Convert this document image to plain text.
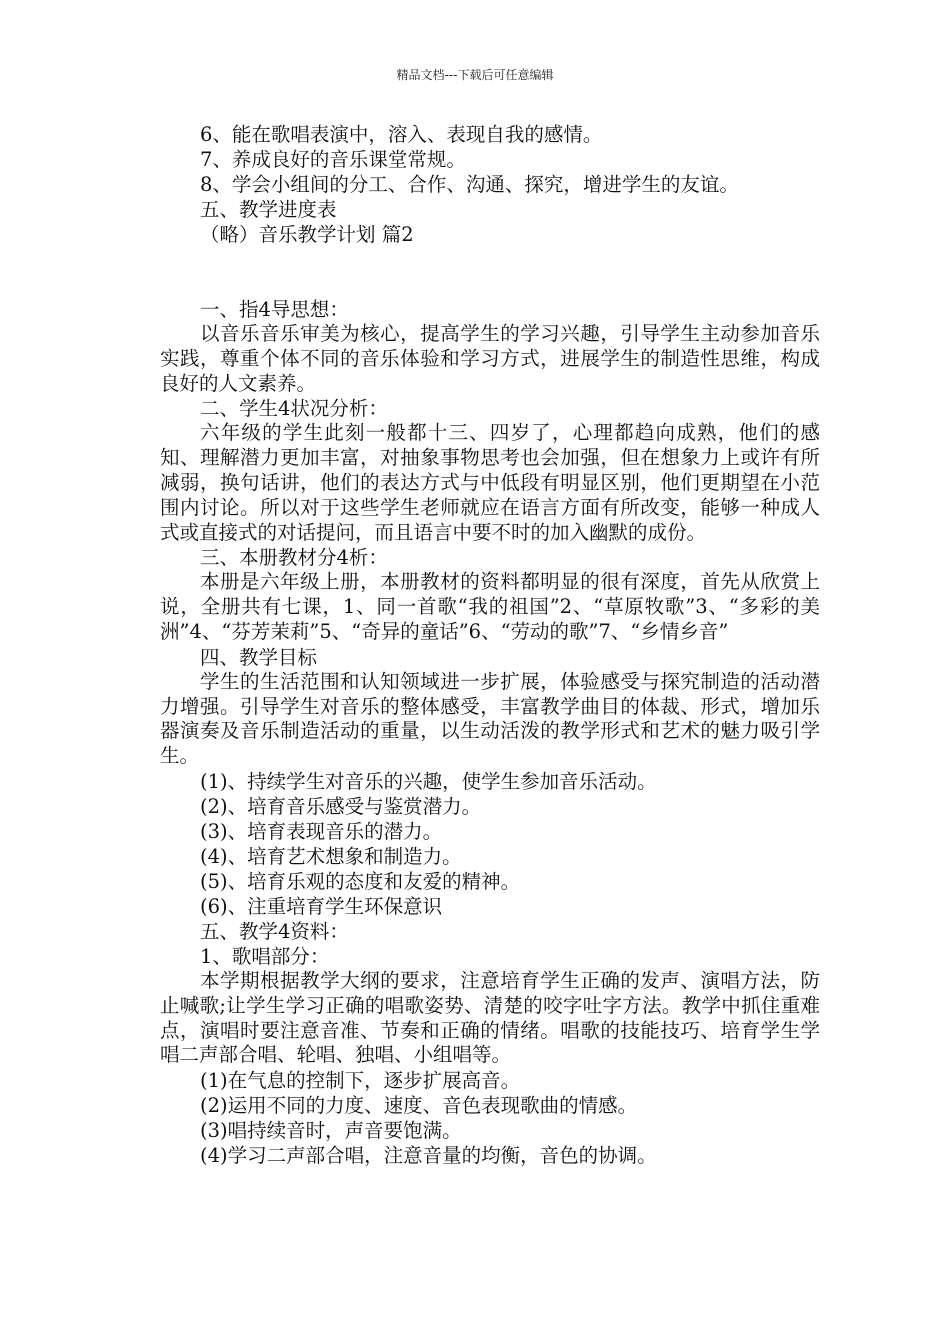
精品文档---下载后可任意编辑
6、能在歌唱表演中，溶入、表现自我的感情。
7、养成良好的音乐课堂常规。
8、学会小组间的分工、合作、沟通、探究，增进学生的友谊。
五、教学进度表
（略）音乐教学计划 篇2
一、指4导思想：
以音乐音乐审美为核心，提高学生的学习兴趣，引导学生主动参加音乐实践，尊重个体不同的音乐体验和学习方式，进展学生的制造性思维，构成良好的人文素养。
二、学生4状况分析：
六年级的学生此刻一般都十三、四岁了，心理都趋向成熟，他们的感知、理解潜力更加丰富，对抽象事物思考也会加强，但在想象力上或许有所减弱，换句话讲，他们的表达方式与中低段有明显区别，他们更期望在小范围内讨论。所以对于这些学生老师就应在语言方面有所改变，能够一种成人式或直接式的对话提问，而且语言中要不时的加入幽默的成份。
三、本册教材分4析：
本册是六年级上册，本册教材的资料都明显的很有深度，首先从欣赏上说，全册共有七课，1、同一首歌“我的祖国”2、“草原牧歌”3、“多彩的美洲”4、“芬芳茉莉”5、“奇异的童话”6、“劳动的歌”7、“乡情乡音”
四、教学目标
学生的生活范围和认知领域进一步扩展，体验感受与探究制造的活动潜力增强。引导学生对音乐的整体感受，丰富教学曲目的体裁、形式，增加乐器演奏及音乐制造活动的重量，以生动活泼的教学形式和艺术的魅力吸引学生。
(1)、持续学生对音乐的兴趣，使学生参加音乐活动。
(2)、培育音乐感受与鉴赏潜力。
(3)、培育表现音乐的潜力。
(4)、培育艺术想象和制造力。
(5)、培育乐观的态度和友爱的精神。
(6)、注重培育学生环保意识
五、教学4资料：
1、歌唱部分：
本学期根据教学大纲的要求，注意培育学生正确的发声、演唱方法，防止喊歌;让学生学习正确的唱歌姿势、清楚的咬字吐字方法。教学中抓住重难点，演唱时要注意音准、节奏和正确的情绪。唱歌的技能技巧、培育学生学唱二声部合唱、轮唱、独唱、小组唱等。
(1)在气息的控制下，逐步扩展高音。
(2)运用不同的力度、速度、音色表现歌曲的情感。
(3)唱持续音时，声音要饱满。
(4)学习二声部合唱，注意音量的均衡，音色的协调。
